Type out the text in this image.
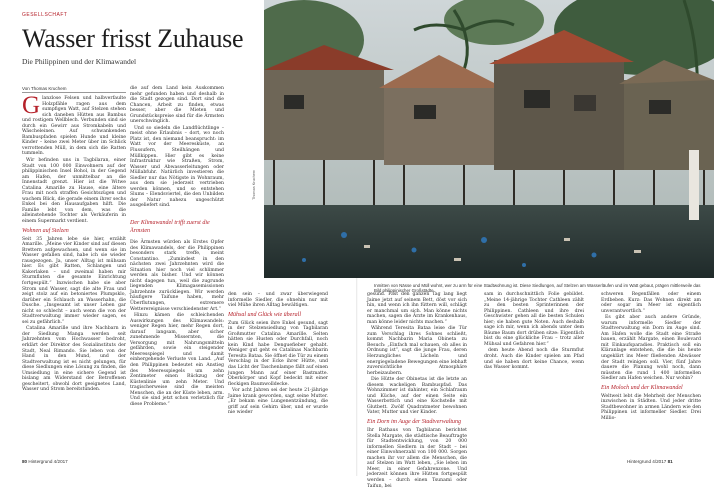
GESELLSCHAFT
Wasser frisst Zuhause
Die Philippinen und der Klimawandel
Von Thomas Kruchem

Glanzlose Felsen und halbverfaulte Holzpfähle ragen aus dem sumpfigen Watt, auf Stelzen stehen sich daneben Hütten aus Bambus und rostigem Wellblech. Verbunden sind sie durch ein Gewirr aus Stromkabeln und Wäscheleinen. Auf schwankenden Bambuspfaden spielen Hunde und kleine Kinder – keine zwei Meter über im Schlick verrottenden Müll, in dem sich die Ratten tummeln.

Wir befinden uns in Tagbilaran, einer Stadt von 100 000 Einwohnern auf der philippinischen Insel Bohol, in der Gegend am Hafen, der unmittelbar an die Innenstadt grenzt. Hier ist die Witwe Catalina Amarille zu Hause, eine ältere Frau mit noch straffen Gesichtszügen und wachem Blick, die gerade einem ihrer sechs Enkel bei den Hausaufgaben hilft. Die Familie lebt von dem, was die alleinstehende Tochter als Verkäuferin in einem Supermarkt verdient.

Wohnen auf Stelzen

Seit 35 Jahren lebe sie hier, erzählt Amarille. „Meine vier Kinder sind auf diesen Brettern aufgewachsen, und wenn sie im Wasser gefallen sind, habe ich sie wieder rausgezogen. Ja, unser Alltag ist mühsam hier. Es gibt Ratten, Schlangen und Kakerlaken – und zweimal haben mir Sturmfluten die gesamte Einrichtung fortgespült.“ Inzwischen habe sie aber Strom und Wasser, sagt die alte Frau und zeigt stolz auf ein betoniertes Plumpsklo, darüber ein Schlauch an Wasserhahn, die Dusche. „Insgesamt ist unser Leben gar nicht so schlecht – auch wenn die von der Stadtverwaltung immer wieder sagen, es sei zu gefährlich.“

Catalina Amarille und ihre Nachbarn in der Siedlung Manga werden seit Jahrzehnten vom Hochwasser bedroht, erklärt der Direktor des Sozialinstituts der Stadt, Neal Rimando. Sie leben von der Hand in den Mund, und der Stadtverwaltung ist es nicht gelungen, für diese Siedlungen eine Lösung zu finden, die Umsiedlung in eine sichere Gegend ist bislang am Widerstand der Betroffenen gescheitert, obwohl dort geeignetes Land, Wasser und Strom bereitstünden.

die auf dem Land kein Auskommen mehr gefunden haben und deshalb in die Stadt gezogen sind. Dort sind die Chancen, Arbeit zu finden, etwas besser, aber die Mieten und Grundstückspreise sind für die Ärmsten unerschwinglich.

Und so siedeln die Landflüchtlinge – meist ohne Erlaubnis – dort, wo noch Platz ist, den niemand beansprucht: im Watt vor der Meeresküste, an Flussufern, Steilhängen und Müllkippen. Hier gibt es keine Infrastruktur wie Straßen, Strom, Wasser und Abwasserleitungen oder Müllabfuhr. Natürlich investieren die Siedler nur das Nötigste in Wohnraum, aus dem sie jederzeit vertrieben werden können, und so entstehen Slums – Elendsviertel, die den Unbilden der Natur nahezu ungeschützt ausgeliefert sind.

Der Klimawandel trifft zuerst die Ärmsten

Die Ärmsten würden als Erstes Opfer des Klimawandels, der die Philippinen besonders stark treffe, meint Constantino. „Zumindest in den nächsten zwei Jahrzehnten wird die Situation hier noch viel schlimmer werden als bisher. Und wir können nicht dagegen tun, weil die zugrunde liegenden Klimagasemissionen Jahrzehnte zurückliegen. Wir werden häufigere Taifune haben, mehr Überflutungen, extremere Wetterereignisse verschiedenster Art.“

Hinzu kämen die schleichenden Auswirkungen des Klimawandels: weniger Regen hier, mehr Regen dort, darauf langsam, aber sicher zunehmende Missernten, die Versorgung mit Nahrungsmitteln gefährden, sowie ein steigender Meeresspiegel und damit einhergehende Verluste von Land. „Auf den Philippinen bedeutet ein Anstieg des Meeresspiegels um zehn Zentimeter einen Rückzug der Küstenlinie um zehn Meter. Und tragischerweise sind die meisten Menschen, die an der Küste leben, arm. Und sie sind jetzt schon verletzlich für diese Probleme.“

den sein – und zwar überwiegend informelle Siedler, die ohnehin nur mit viel Mühe ihren Alltag bewältigen.

Mühsal und Glück wie überall

Zum Glück seien ihre Enkel gesund, sagt in der Stelzensiedlung von Tagbilaran Großmutter Catalina Amarille. Selten hätten sie Husten oder Durchfall, noch kein Kind habe Dengueﬁeber gehabt. Weniger gut geht es Catalinas Nachbarin Teresita Bataa. Sie öffnet die Tür zu einem Verschlag in der Ecke ihrer Hütte, und das Licht der Taschenlampe fällt auf einen jungen Mann auf einer Bastmatte. Oberkörper und Kopf bedeckt mit einer fleckigen Baumwolldecke.

Vor acht Jahren sei der heute 21-jährige Jaime krank geworden, sagt seine Mutter. „Er bekam eine Lungenentzündung, die griff auf sein Gehirn über, und er wurde nie wieder

80 Hintergrund 4/2017

gesund. Fast den ganzen Tag lang liegt Jaime jetzt auf seinem Bett, döst vor sich hin, und wenn ich ihn füttern will, schlägt er manchmal um sich. Man könne nichts machen, sagen die Ärzte im Krankenhaus, man könne leider nichts machen.“

Während Teresita Bataa leise die Tür zum Verschlag ihres Sohnes schließt, kommt Nachbarin Maria Obineta zu Besuch: „Einfach mal schauen, ob alles in Ordnung ist“, sagt die junge Frau, deren Herzungliches Lächeln und energiegeladene Bewegungen eine lebhaft zuversichtliche Atmosphäre herbeizaubern.

Die Hütte der Obinetas ist die letzte an diesem wackeligen Bambuspfad. Das Wohnzimmer ist dahinter, ein Schlafraum und Küche, auf der einen Seite ein Wasserbottich und eine Kochstelle mit Glutbett. Zwölf Quadratmeter bewohnen Vater, Mutter und vier Kinder.

Ein Dorn im Auge der Stadtverwaltung

Ihr Rathaus von Tagbilaran berichtet Stella Margate, die städtische Beauftragte für Stadtentwicklung, von 20 000 informellen Siedlern in der Stadt – bei einer Einwohnerzahl von 100 000. Sorgen machen ihr vor allem die Menschen, die auf Stelzen im Watt leben, „Sie leben im Meer, in einer Gefahrenzone. Und jederzeit können ihre Hütten fortgespült werden – durch einen Tsunami oder Taifun, bei

sam in durchschnittlich Folie gebildet. „Meine 14-jährige Tochter Cathleen zählt zu den besten Sprinterinnen der Philippinen. Cathleen und ihre drei Geschwister gehen all die besten Schulen hier; sie haben gute Noten. Auch deshalb sage ich mir, wenn ich abends unter dem Bäume Baum dort drüben sitze: Eigentlich bist du eine glückliche Frau – trotz aller Mühsal und Gefahren hier.“

dem heute Abend noch die Sturmflut droht. Auch die Kinder spielen am Pfad und sie haben dort keine Chance, wenn das Wasser kommt.

schweren Regenfällen oder einem Erdbeben. Kurz: Das Wohnen direkt am oder sogar im Meer ist eigentlich unverantwortlich.“

Es gibt aber auch andere Gründe, warum informelle Siedler der Stadtverwaltung ein Dorn im Auge sind. Am Hafen wolle die Stadt eine Straße bauen, erzählt Margate, einen Boulevard mit Einkaufsparadies. Praktisch soll ein Kläranlage entstehen, die die bis heute ungeklärt ins Meer fließenden Abwässer der Stadt reinigen soll. Vier, fünf Jahre dauere die Planung wohl noch, dann müssten die rund 1 400 informellen Siedler am Hafen weichen. Nur wohin?

Ein Moloch und der Klimawandel

Weltweit lebt die Mehrheit der Menschen inzwischen in Städten. Und jeder dritte Stadtbewohner in armen Ländern wie den Philippinen ist informeller Siedler. Drei Millio-

Hintergrund 4/2017 81
Thomas Kruchem
Inmitten von Nässe und Müll wohnt, wer zu arm für eine Stadtwohnung ist. Diese Siedlungen, auf Stelzen am Wasserläufen und im Watt gebaut, prägen mittlerweile das Bild philippinischer Großstädte.
